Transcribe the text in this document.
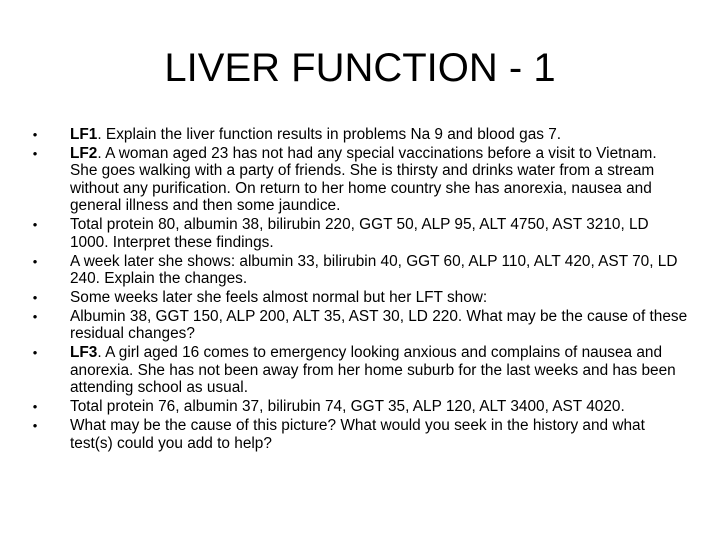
LIVER FUNCTION - 1
•	LF1. Explain the liver function results in problems Na 9 and blood gas 7.
•	LF2. A woman aged 23 has not had any special vaccinations before a visit to Vietnam. She goes walking with a party of friends. She is thirsty and drinks water from a stream without any purification. On return to her home country she has anorexia, nausea and general illness and then some jaundice.
•	Total protein 80, albumin 38, bilirubin 220, GGT 50, ALP 95, ALT 4750, AST 3210, LD 1000. Interpret these findings.
•	A week later she shows: albumin 33, bilirubin 40, GGT 60, ALP 110, ALT 420, AST 70, LD 240. Explain the changes.
•	Some weeks later she feels almost normal but her LFT show:
•	Albumin 38, GGT 150, ALP 200, ALT 35, AST 30, LD 220. What may be the cause of these residual changes?
•	LF3. A girl aged 16 comes to emergency looking anxious and complains of nausea and anorexia. She has not been away from her home suburb for the last weeks and has been attending school as usual.
•	Total protein 76, albumin 37, bilirubin 74, GGT 35, ALP 120, ALT 3400, AST 4020.
•	What may be the cause of this picture? What would you seek in the history and what test(s) could you add to help?
